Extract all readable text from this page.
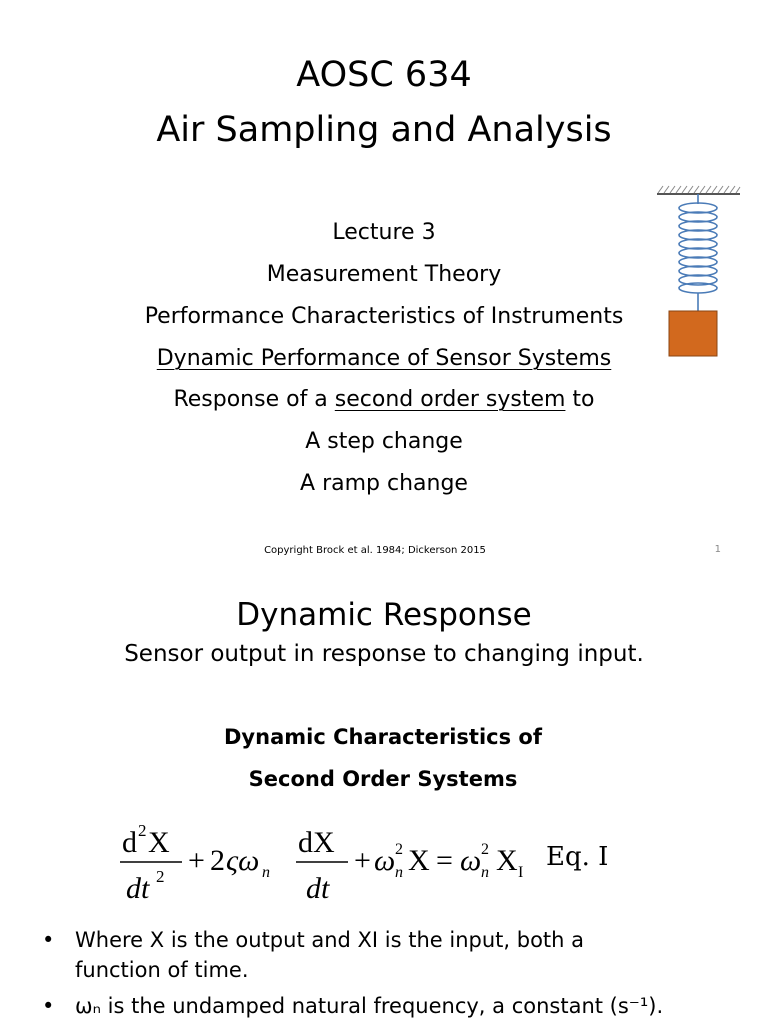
AOSC 634
Air Sampling and Analysis
Lecture 3
Measurement Theory
Performance Characteristics of Instruments
Dynamic Performance of Sensor Systems
Response of a second order system to
A step change
A ramp change
Copyright Brock et al. 1984; Dickerson 2015	1
Dynamic Response
Sensor output in response to changing input.
Dynamic Characteristics of
Second Order Systems
d 2 X
dt 2 + 2 ςω n
dX
dt
+ ω 2
n X = ω 2
n X I
Eq. I
• Where X is the output and XI is the input, both a
function of time.
• ωₙ is the undamped natural frequency, a constant (s⁻¹).
